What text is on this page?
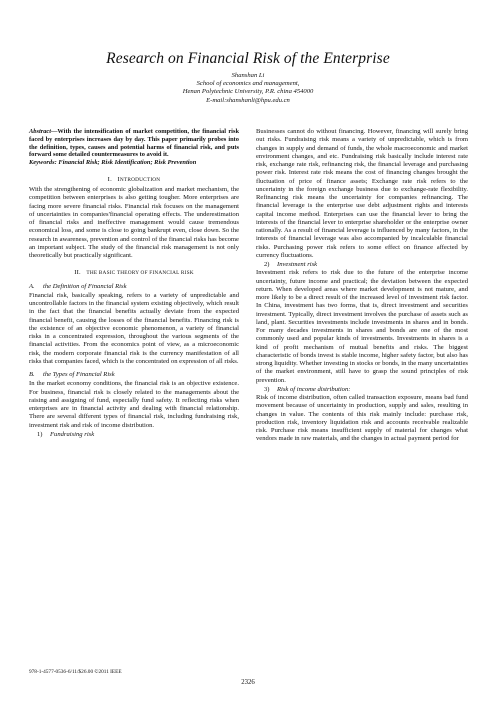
Research on Financial Risk of the Enterprise
Shanshan Li
School of economics and management,
Henan Polytechnic University, P.R. china 454000
E-mail:shanshanli@hpu.edu.cn

Abstract—With the intensification of market competition, the financial risk faced by enterprises increases day by day. This paper primarily probes into the definition, types, causes and potential harms of financial risk, and puts forward some detailed countermeasures to avoid it.

Keywords: Financial Risk; Risk Identification; Risk Prevention

I. INTRODUCTION

With the strengthening of economic globalization and market mechanism, the competition between enterprises is also getting tougher. More enterprises are facing more severe financial risks. Financial risk focuses on the management of uncertainties in companies'financial operating effects. The underestimation of financial risks and ineffective management would cause tremendous economical loss, and some is close to going bankrupt even, close down. So the research in awareness, prevention and control of the financial risks has become an important subject. The study of the financial risk management is not only theoretically but practically significant.

II. THE BASIC THEORY OF FINANCIAL RISK
A. the Definition of Financial Risk

Financial risk, basically speaking, refers to a variety of unpredictable and uncontrollable factors in the financial system existing objectively, which result in the fact that the financial benefits actually deviate from the expected financial benefit, causing the losses of the financial benefits. Financing risk is the existence of an objective economic phenomenon, a variety of financial risks in a concentrated expression, throughout the various segments of the financial activities. From the economics point of view, as a microeconomic risk, the modern corporate financial risk is the currency manifestation of all risks that companies faced, which is the concentrated on expression of all risks.

B. the Types of Financial Risk

In the market economy conditions, the financial risk is an objective existence. For business, financial risk is closely related to the managements about the raising and assigning of fund, especially fund safety. It reflecting risks when enterprises are in financial activity and dealing with financial relationship. There are several different types of financial risk, including fundraising risk, investment risk and risk of income distribution.

1) Fundraising risk

Businesses cannot do without financing. However, financing will surely bring out risks. Fundraising risk means a variety of unpredictable, which is from changes in supply and demand of funds, the whole macroeconomic and market environment changes, and etc. Fundraising risk basically include interest rate risk, exchange rate risk, refinancing risk, the financial leverage and purchasing power risk. Interest rate risk means the cost of financing changes brought the fluctuation of price of finance assets; Exchange rate risk refers to the uncertainty in the foreign exchange business due to exchange-rate flexibility. Refinancing risk means the uncertainty for companies refinancing. The financial leverage is the enterprise use debt adjustment rights and interests capital income method. Enterprises can use the financial lever to bring the interests of the financial lever to enterprise shareholder or the enterprise owner rationally. As a result of financial leverage is influenced by many factors, in the interests of financial leverage was also accompanied by incalculable financial risks. Purchasing power risk refers to some effect on finance affected by currency fluctuations.

2) Investment risk

Investment risk refers to risk due to the future of the enterprise income uncertainty, future income and practical; the deviation between the expected return. When developed areas where market development is not mature, and more likely to be a direct result of the increased level of investment risk factor. In China, investment has two forms, that is, direct investment and securities investment. Typically, direct investment involves the purchase of assets such as land, plant. Securities investments include investments in shares and in bonds. For many decades investments in shares and bonds are one of the most commonly used and popular kinds of investments. Investments in shares is a kind of profit mechanism of mutual benefits and risks. The biggest characteristic of bonds invest is stable income, higher safety factor, but also has strong liquidity. Whether investing in stocks or bonds, in the many uncertainties of the market environment, still have to grasp the sound principles of risk prevention.

3) Risk of income distribution:

Risk of income distribution, often called transaction exposure, means bad fund movement because of uncertainty in production, supply and sales, resulting in changes in value. The contents of this risk mainly include: purchase risk, production risk, inventory liquidation risk and accounts receivable realizable risk. Purchase risk means insufficient supply of material for changes what vendors made in raw materials, and the changes in actual payment period for

978-1-4577-0536-6/11/$26.00 ©2011 IEEE
2326
